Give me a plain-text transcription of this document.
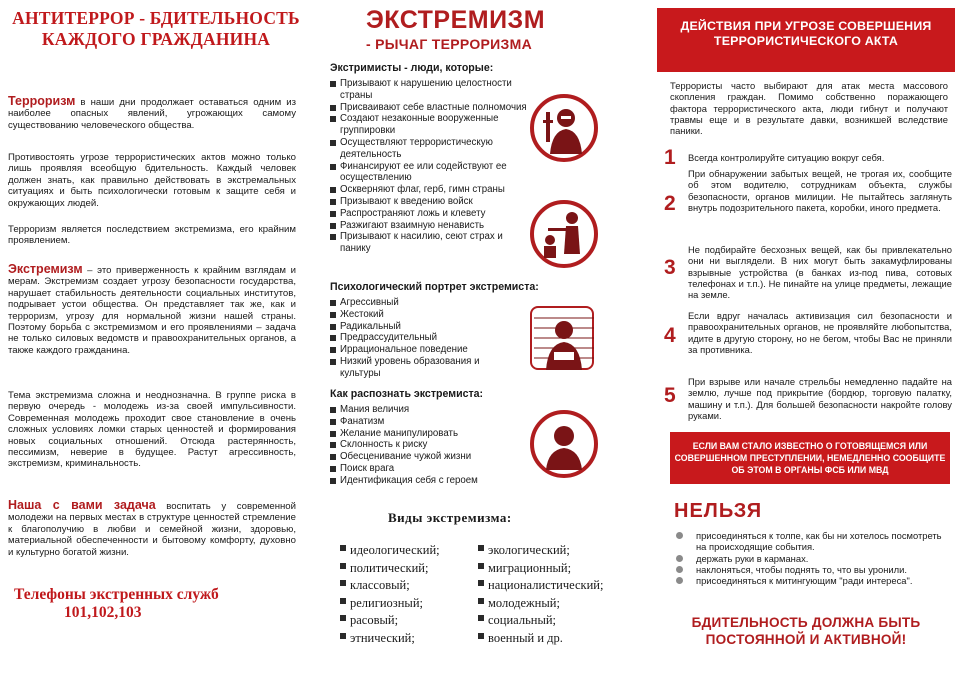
АНТИТЕРРОР - БДИТЕЛЬНОСТЬ КАЖДОГО ГРАЖДАНИНА
Терроризм в наши дни продолжает оставаться одним из наиболее опасных явлений, угрожающих самому существованию человеческого общества.
Противостоять угрозе террористических актов можно только лишь проявляя всеобщую бдительность. Каждый человек должен знать, как правильно действовать в экстремальных ситуациях и быть психологически готовым к защите себя и окружающих людей.
Терроризм является последствием экстремизма, его крайним проявлением.
Экстремизм – это приверженность к крайним взглядам и мерам. Экстремизм создает угрозу безопасности государства, нарушает стабильность деятельности социальных институтов, подрывает устои общества. Он представляет так же, как и терроризм, угрозу для нормальной жизни нашей страны. Поэтому борьба с экстремизмом и его проявлениями – задача не только силовых ведомств и правоохранительных органов, а также каждого гражданина.
Тема экстремизма сложна и неоднозначна. В группе риска в первую очередь - молодежь из-за своей импульсивности. Современная молодежь проходит свое становление в очень сложных условиях ломки старых ценностей и формирования новых социальных отношений. Отсюда растерянность, пессимизм, неверие в будущее. Растут агрессивность, экстремизм, криминальность.
Наша с вами задача воспитать у современной молодежи на первых местах в структуре ценностей стремление к благополучию в любви и семейной жизни, здоровью, материальной обеспеченности и бытовому комфорту, духовно и культурно богатой жизни.
Телефоны экстренных служб
101,102,103
ЭКСТРЕМИЗМ
- РЫЧАГ ТЕРРОРИЗМА
Экстримисты - люди, которые:
Призывают к нарушению целостности страны
Присваивают себе властные полномочия
Создают незаконные вооруженные группировки
Осуществляют террористическую деятельность
Финансируют ее или содействуют ее осуществлению
Оскверняют флаг, герб, гимн страны
Призывают к введению войск
Распространяют ложь и клевету
Разжигают взаимную ненависть
Призывают к насилию, сеют страх и панику
Психологический портрет экстремиста:
Агрессивный
Жестокий
Радикальный
Предрассудительный
Иррациональное поведение
Низкий уровень образования и культуры
Как распознать экстремиста:
Мания величия
Фанатизм
Желание манипулировать
Склонность к риску
Обесценивание чужой жизни
Поиск врага
Идентификация себя с героем
Виды экстремизма:
идеологический;
политический;
классовый;
религиозный;
расовый;
этнический;
экологический;
миграционный;
националистический;
молодежный;
социальный;
военный и др.
ДЕЙСТВИЯ ПРИ УГРОЗЕ СОВЕРШЕНИЯ ТЕРРОРИСТИЧЕСКОГО АКТА
Террористы часто выбирают для атак места массового скопления граждан. Помимо собственно поражающего фактора террористического акта, люди гибнут и получают травмы еще и в результате давки, возникшей вследствие паники.
1 Всегда контролируйте ситуацию вокруг себя.
2
При обнаружении забытых вещей, не трогая их, сообщите об этом водителю, сотрудникам объекта, службы безопасности, органов милиции. Не пытайтесь заглянуть внутрь подозрительного пакета, коробки, иного предмета.
3
Не подбирайте бесхозных вещей, как бы привлекательно они ни выглядели. В них могут быть закамуфлированы взрывные устройства (в банках из-под пива, сотовых телефонах и т.п.). Не пинайте на улице предметы, лежащие на земле.
4
Если вдруг началась активизация сил безопасности и правоохранительных органов, не проявляйте любопытства, идите в другую сторону, но не бегом, чтобы Вас не приняли за противника.
5
При взрыве или начале стрельбы немедленно падайте на землю, лучше под прикрытие (бордюр, торговую палатку, машину и т.п.). Для большей безопасности накройте голову руками.
ЕСЛИ ВАМ СТАЛО ИЗВЕСТНО О ГОТОВЯЩЕМСЯ ИЛИ СОВЕРШЕННОМ ПРЕСТУПЛЕНИИ, НЕМЕДЛЕННО СООБЩИТЕ ОБ ЭТОМ В ОРГАНЫ ФСБ ИЛИ МВД
НЕЛЬЗЯ
присоединяться к толпе, как бы ни хотелось посмотреть на происходящие события.
держать руки в карманах.
наклоняться, чтобы поднять то, что вы уронили.
присоединяться к митингующим "ради интереса".
БДИТЕЛЬНОСТЬ ДОЛЖНА БЫТЬ ПОСТОЯННОЙ И АКТИВНОЙ!
